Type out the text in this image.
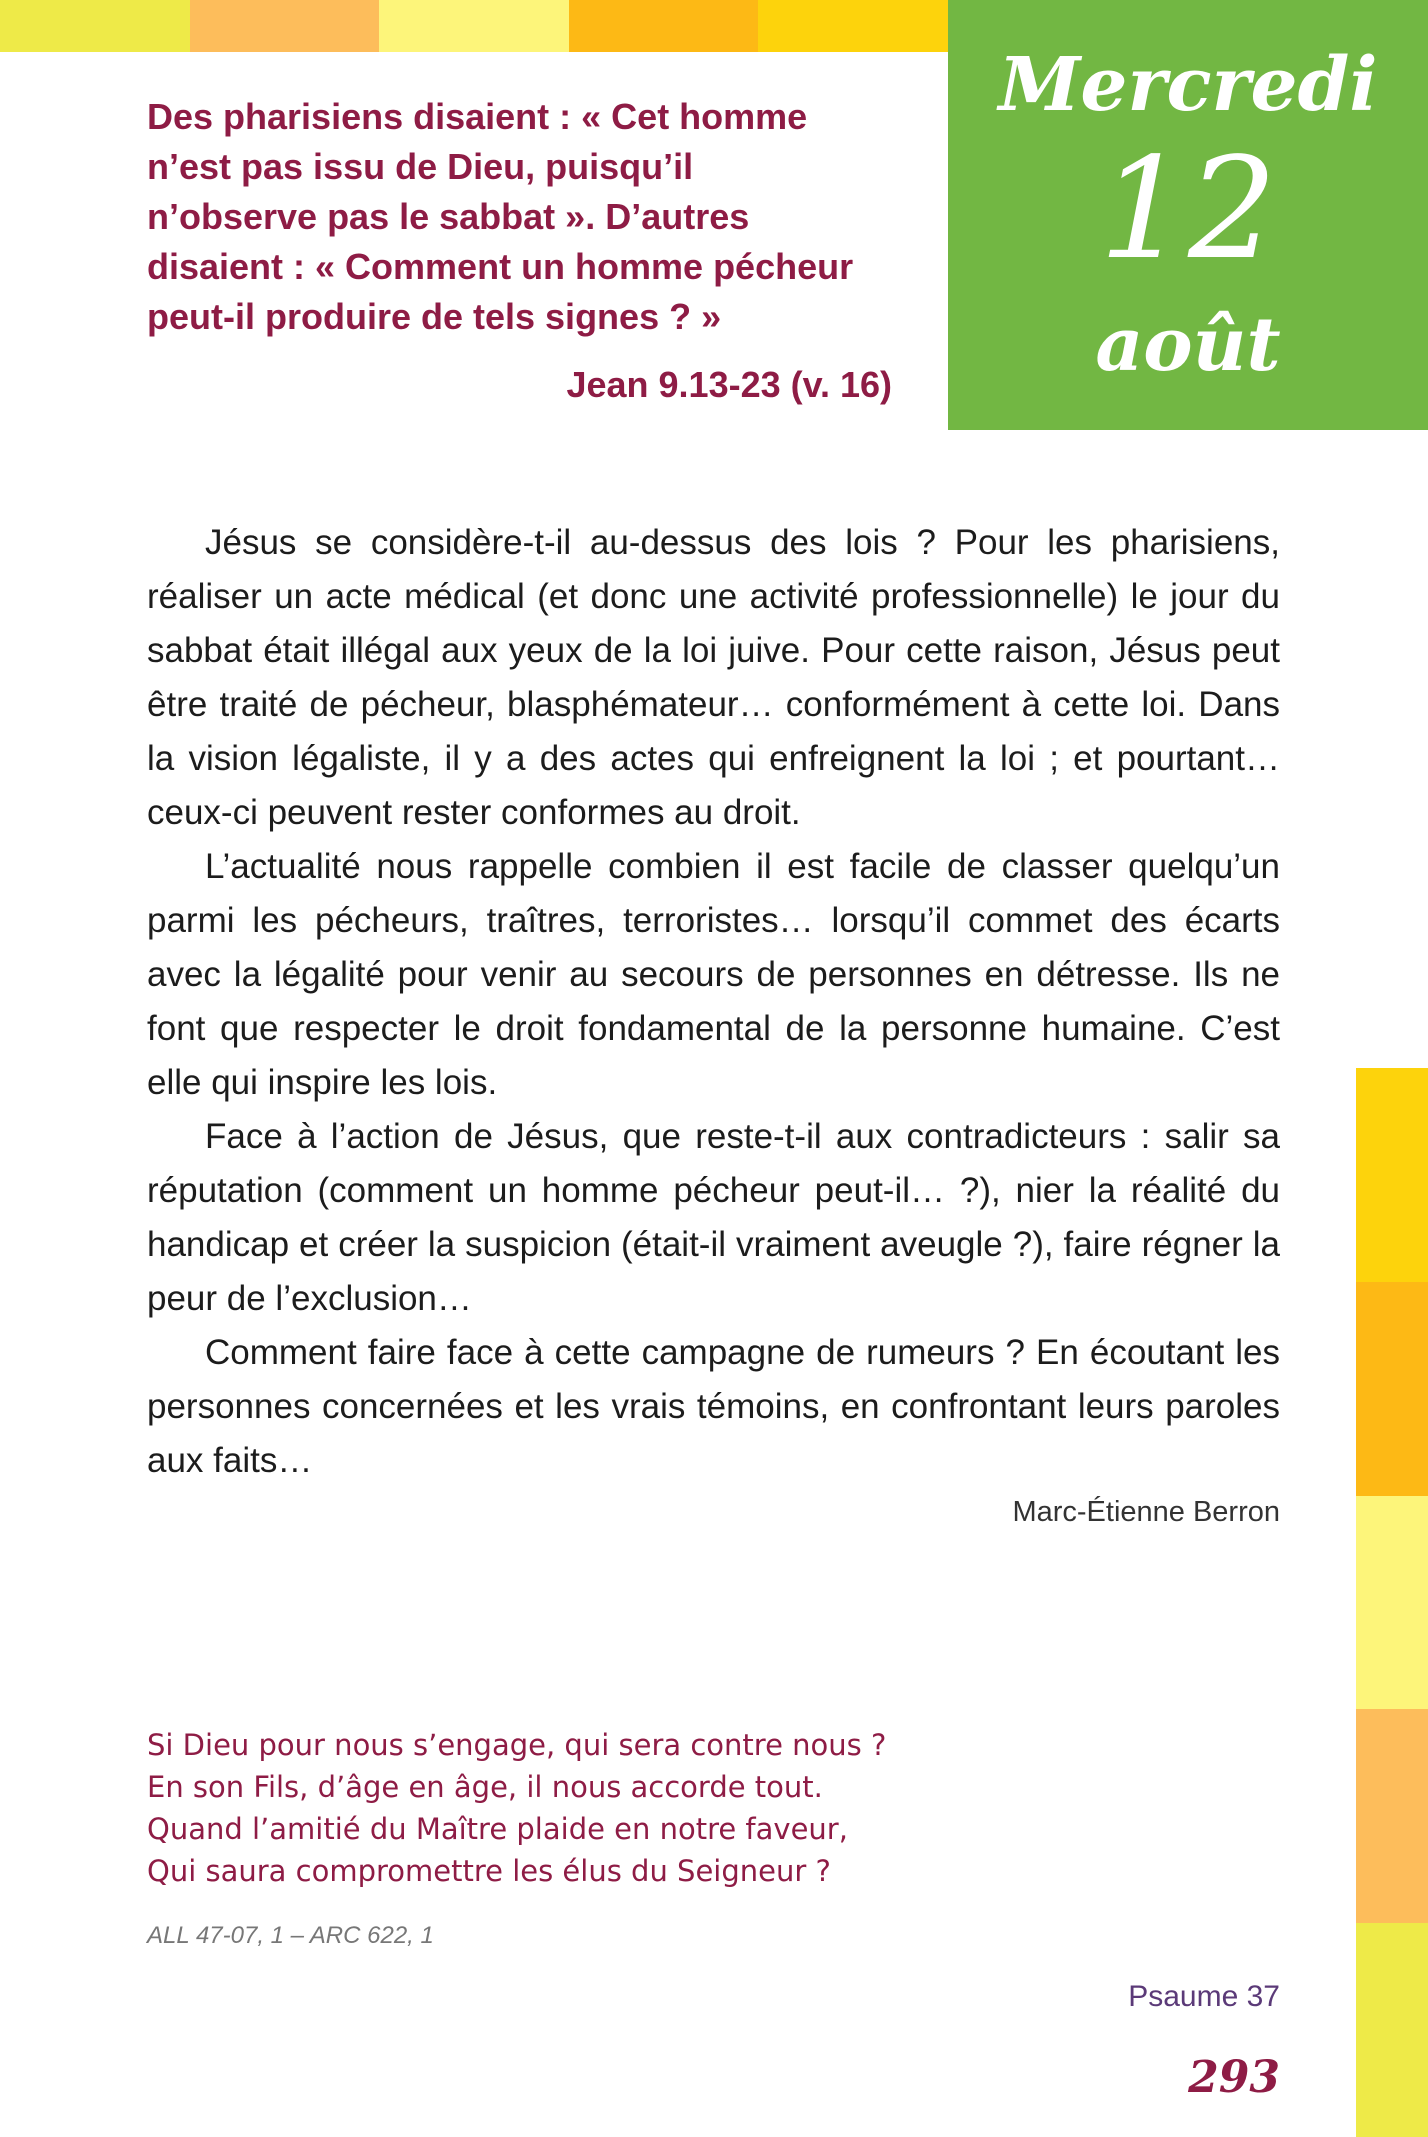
Mercredi
12
août
Des pharisiens disaient : « Cet homme
n’est pas issu de Dieu, puisqu’il
n’observe pas le sabbat ». D’autres
disaient : « Comment un homme pécheur
peut-il produire de tels signes ? »
Jean 9.13-23 (v. 16)

Jésus se considère-t-il au-dessus des lois ? Pour les pharisiens, réaliser un acte médical (et donc une activité professionnelle) le jour du sabbat était illégal aux yeux de la loi juive. Pour cette raison, Jésus peut être traité de pécheur, blasphémateur… conformément à cette loi. Dans la vision légaliste, il y a des actes qui enfreignent la loi ; et pourtant… ceux-ci peuvent rester conformes au droit.

L’actualité nous rappelle combien il est facile de classer quelqu’un parmi les pécheurs, traîtres, terroristes… lorsqu’il commet des écarts avec la légalité pour venir au secours de personnes en détresse. Ils ne font que respecter le droit fondamental de la personne humaine. C’est elle qui inspire les lois.

Face à l’action de Jésus, que reste-t-il aux contradicteurs : salir sa réputation (comment un homme pécheur peut-il… ?), nier la réalité du handicap et créer la suspicion (était-il vraiment aveugle ?), faire régner la peur de l’exclusion…

Comment faire face à cette campagne de rumeurs ? En écoutant les personnes concernées et les vrais témoins, en confrontant leurs paroles aux faits…

Marc-Étienne Berron
Si Dieu pour nous s’engage, qui sera contre nous ?
En son Fils, d’âge en âge, il nous accorde tout.
Quand l’amitié du Maître plaide en notre faveur,
Qui saura compromettre les élus du Seigneur ?
ALL 47-07, 1 – ARC 622, 1
Psaume 37
293
